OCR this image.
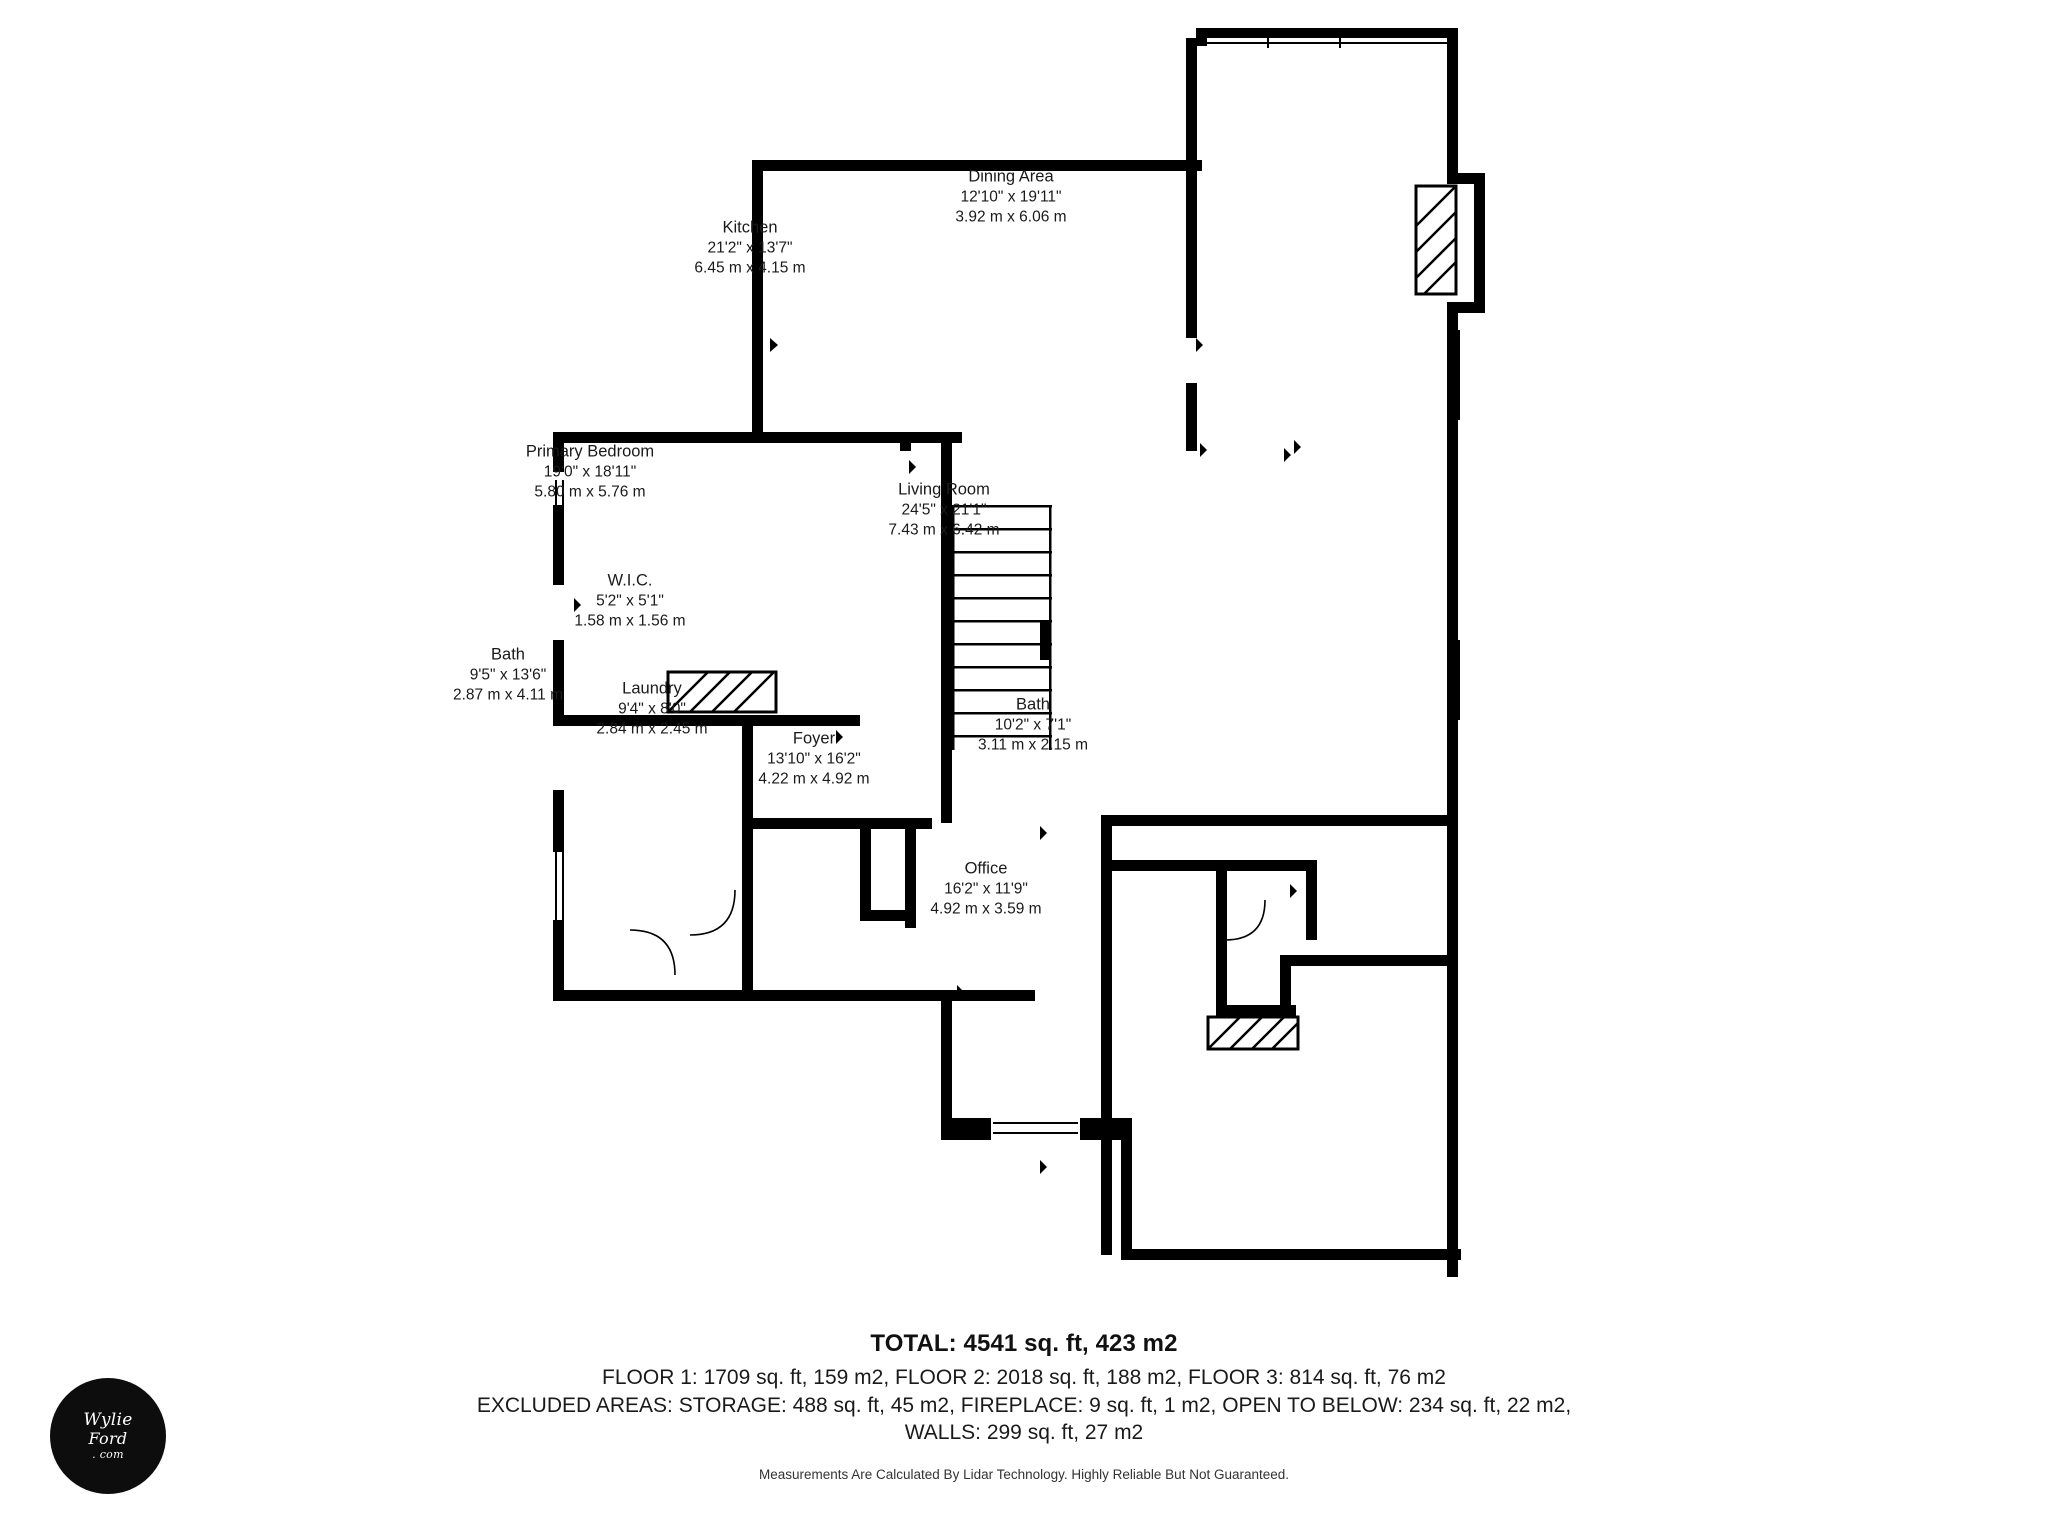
Dining Area
12'10" x 19'11"
3.92 m x 6.06 m
Kitchen
21'2" x 13'7"
6.45 m x 4.15 m
Living Room
24'5" x 21'1"
7.43 m x 6.42 m
Primary Bedroom
19'0" x 18'11"
5.80 m x 5.76 m
W.I.C.
5'2" x 5'1"
1.58 m x 1.56 m
Bath
9'5" x 13'6"
2.87 m x 4.11 m	Laundry
9'4" x 8'0"
2.84 m x 2.45 m
Bath
10'2" x 7'1"
3.11 m x 2.15 m
Foyer
13'10" x 16'2"
4.22 m x 4.92 m
Office
16'2" x 11'9"
4.92 m x 3.59 m
TOTAL: 4541 sq. ft, 423 m2
FLOOR 1: 1709 sq. ft, 159 m2, FLOOR 2: 2018 sq. ft, 188 m2, FLOOR 3: 814 sq. ft, 76 m2
EXCLUDED AREAS: STORAGE: 488 sq. ft, 45 m2, FIREPLACE: 9 sq. ft, 1 m2, OPEN TO BELOW: 234 sq. ft, 22 m2,
WALLS: 299 sq. ft, 27 m2
Measurements Are Calculated By Lidar Technology. Highly Reliable But Not Guaranteed.
Wylie
Ford
. com
